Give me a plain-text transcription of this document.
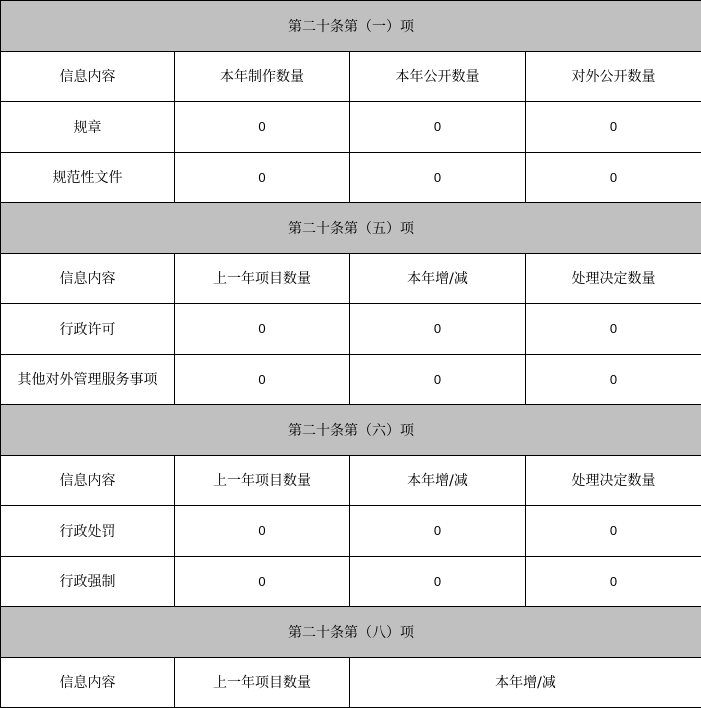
第二十条第（一）项			
信息内容	本年制作数量	本年公开数量	对外公开数量
规章	0	0	0
规范性文件	0	0	0
第二十条第（五）项			
信息内容	上一年项目数量	本年增/减	处理决定数量
行政许可	0	0	0
其他对外管理服务事项	0	0	0
第二十条第（六）项			
信息内容	上一年项目数量	本年增/减	处理决定数量
行政处罚	0	0	0
行政强制	0	0	0
第二十条第（八）项			
信息内容	上一年项目数量	本年增/减	
